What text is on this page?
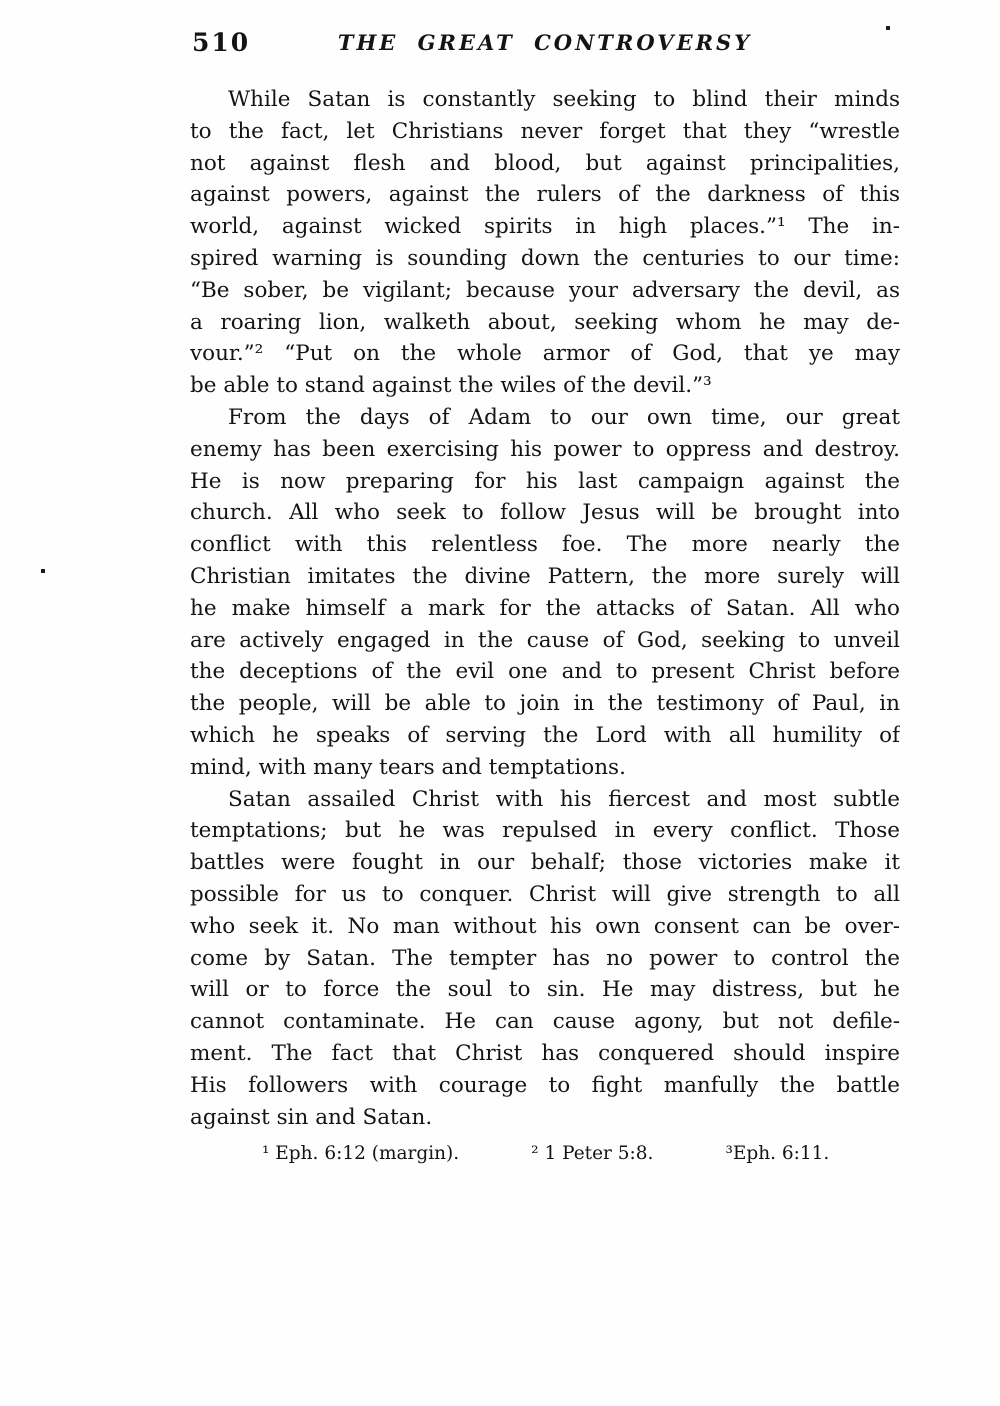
510	THE GREAT CONTROVERSY
While Satan is constantly seeking to blind their minds
to the fact, let Christians never forget that they “wrestle
not against flesh and blood, but against principalities,
against powers, against the rulers of the darkness of this
world, against wicked spirits in high places.”¹ The in-
spired warning is sounding down the centuries to our time:
“Be sober, be vigilant; because your adversary the devil, as
a roaring lion, walketh about, seeking whom he may de-
vour.”² “Put on the whole armor of God, that ye may
be able to stand against the wiles of the devil.”³
From the days of Adam to our own time, our great
enemy has been exercising his power to oppress and destroy.
He is now preparing for his last campaign against the
church. All who seek to follow Jesus will be brought into
conflict with this relentless foe. The more nearly the
Christian imitates the divine Pattern, the more surely will
he make himself a mark for the attacks of Satan. All who
are actively engaged in the cause of God, seeking to unveil
the deceptions of the evil one and to present Christ before
the people, will be able to join in the testimony of Paul, in
which he speaks of serving the Lord with all humility of
mind, with many tears and temptations.
Satan assailed Christ with his fiercest and most subtle
temptations; but he was repulsed in every conflict. Those
battles were fought in our behalf; those victories make it
possible for us to conquer. Christ will give strength to all
who seek it. No man without his own consent can be over-
come by Satan. The tempter has no power to control the
will or to force the soul to sin. He may distress, but he
cannot contaminate. He can cause agony, but not defile-
ment. The fact that Christ has conquered should inspire
His followers with courage to fight manfully the battle
against sin and Satan.
¹ Eph. 6:12 (margin).	² 1 Peter 5:8.	³Eph. 6:11.
